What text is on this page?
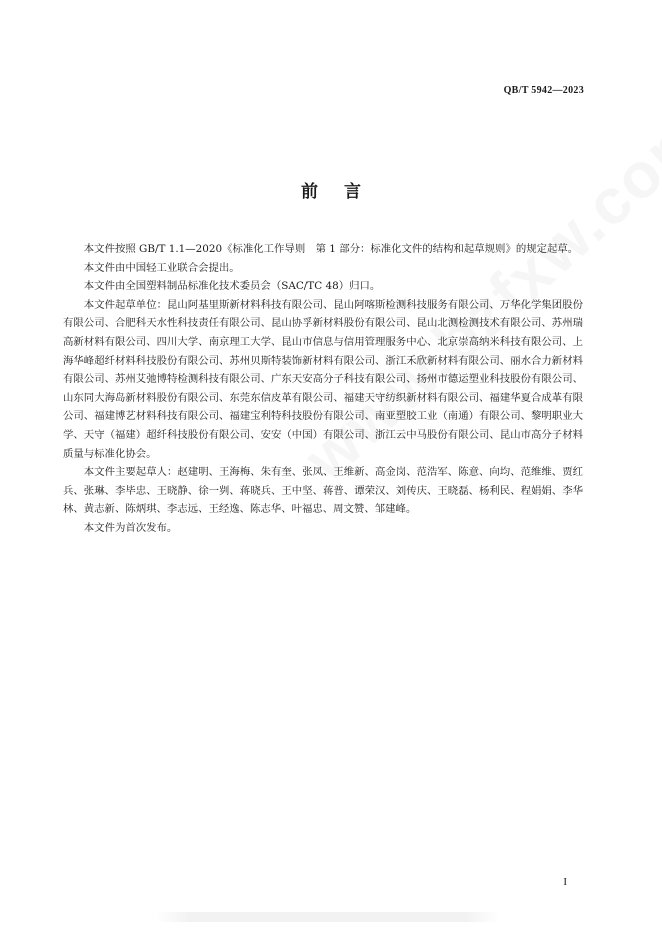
QB/T 5942—2023
前言

本文件按照 GB/T 1.1—2020《标准化工作导则　第 1 部分：标准化文件的结构和起草规则》的规定起草。

本文件由中国轻工业联合会提出。

本文件由全国塑料制品标准化技术委员会（SAC/TC 48）归口。

本文件起草单位：昆山阿基里斯新材料科技有限公司、昆山阿喀斯检测科技服务有限公司、万华化学集团股份有限公司、合肥科天水性科技责任有限公司、昆山协孚新材料股份有限公司、昆山北测检测技术有限公司、苏州瑞高新材料有限公司、四川大学、南京理工大学、昆山市信息与信用管理服务中心、北京崇高纳米科技有限公司、上海华峰超纤材料科技股份有限公司、苏州贝斯特装饰新材料有限公司、浙江禾欣新材料有限公司、丽水合力新材料有限公司、苏州艾弛博特检测科技有限公司、广东天安高分子科技有限公司、扬州市德运塑业科技股份有限公司、山东同大海岛新材料股份有限公司、东莞东信皮革有限公司、福建天守纺织新材料有限公司、福建华夏合成革有限公司、福建博艺材料科技有限公司、福建宝利特科技股份有限公司、南亚塑胶工业（南通）有限公司、黎明职业大学、天守（福建）超纤科技股份有限公司、安安（中国）有限公司、浙江云中马股份有限公司、昆山市高分子材料质量与标准化协会。

本文件主要起草人：赵建明、王海梅、朱有奎、张凤、王维新、高金岗、范浩军、陈意、向均、范维维、贾红兵、张琳、李毕忠、王晓静、徐一刿、蒋晓兵、王中坚、蒋普、谭荣汉、刘传庆、王晓磊、杨利民、程娟娟、李华林、黄志新、陈炳琪、李志远、王经逸、陈志华、叶福忠、周文赞、邹建峰。

本文件为首次发布。

I
